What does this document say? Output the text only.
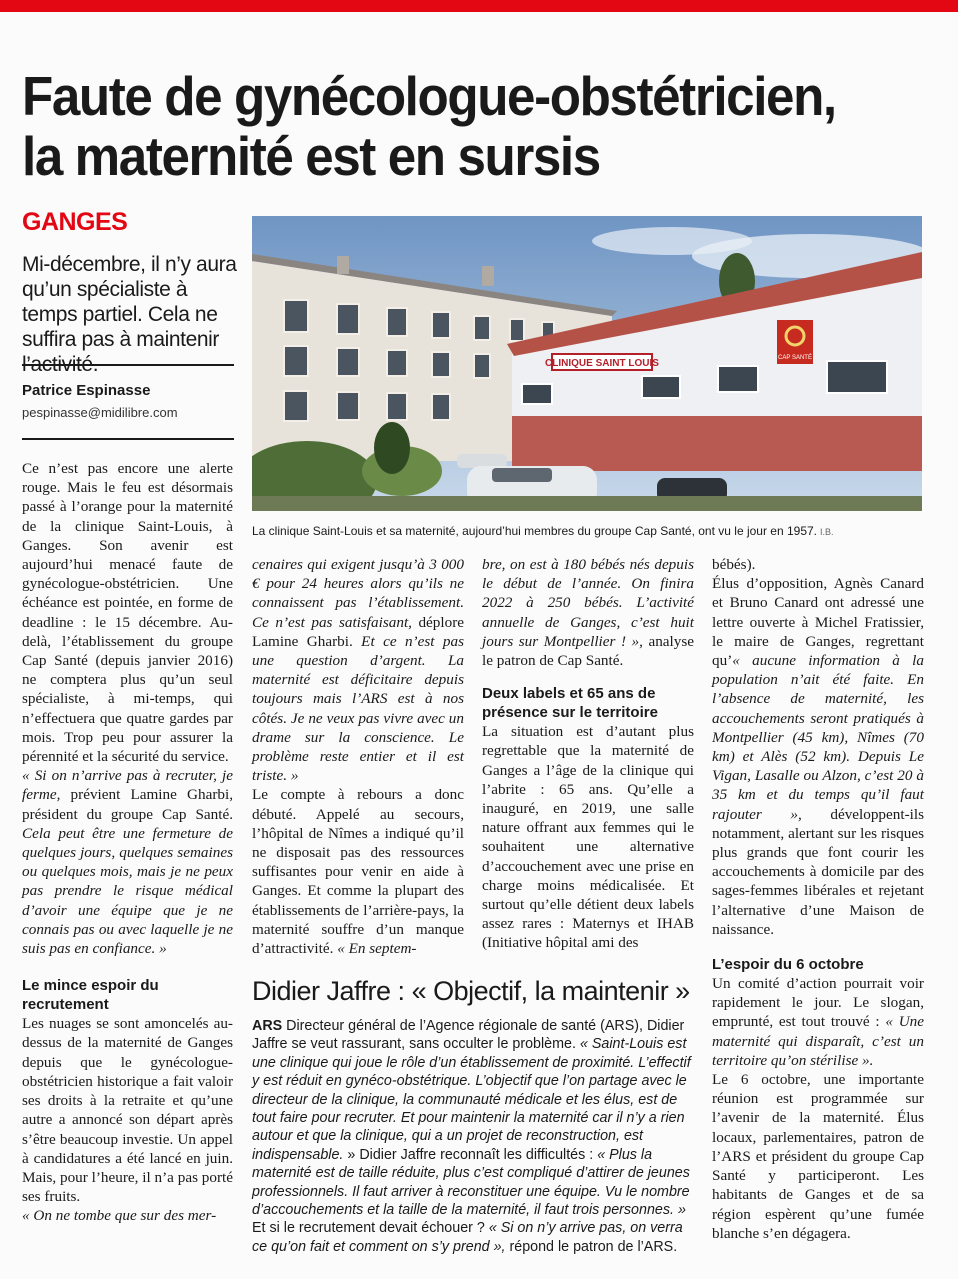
Faute de gynécologue-obstétricien,
la maternité est en sursis
GANGES
Mi-décembre, il n’y aura qu’un spécialiste à temps partiel. Cela ne suffira pas à maintenir l’activité.
Patrice Espinasse
pespinasse@midilibre.com
CLINIQUE SAINT LOUIS	CAP SANTÉ
La clinique Saint-Louis et sa maternité, aujourd’hui membres du groupe Cap Santé, ont vu le jour en 1957. I.B.

Ce n’est pas encore une alerte rouge. Mais le feu est désormais passé à l’orange pour la maternité de la clinique Saint-Louis, à Ganges. Son avenir est aujourd’hui menacé faute de gynécologue-obstétricien. Une échéance est pointée, en forme de deadline : le 15 décembre. Au-delà, l’établissement du groupe Cap Santé (depuis janvier 2016) ne comptera plus qu’un seul spécialiste, à mi-temps, qui n’effectuera que quatre gardes par mois. Trop peu pour assurer la pérennité et la sécurité du service.

« Si on n’arrive pas à recruter, je ferme, prévient Lamine Gharbi, président du groupe Cap Santé. Cela peut être une fermeture de quelques jours, quelques semaines ou quelques mois, mais je ne peux pas prendre le risque médical d’avoir une équipe que je ne connais pas ou avec laquelle je ne suis pas en confiance. »

Le mince espoir du recrutement

Les nuages se sont amoncelés au-dessus de la maternité de Ganges depuis que le gynécologue-obstétricien historique a fait valoir ses droits à la retraite et qu’une autre a annoncé son départ après s’être beaucoup investie. Un appel à candidatures a été lancé en juin. Mais, pour l’heure, il n’a pas porté ses fruits.

« On ne tombe que sur des mer-

cenaires qui exigent jusqu’à 3 000 € pour 24 heures alors qu’ils ne connaissent pas l’établissement. Ce n’est pas satisfaisant, déplore Lamine Gharbi. Et ce n’est pas une question d’argent. La maternité est déficitaire depuis toujours mais l’ARS est à nos côtés. Je ne veux pas vivre avec un drame sur la conscience. Le problème reste entier et il est triste. »

Le compte à rebours a donc débuté. Appelé au secours, l’hôpital de Nîmes a indiqué qu’il ne disposait pas des ressources suffisantes pour venir en aide à Ganges. Et comme la plupart des établissements de l’arrière-pays, la maternité souffre d’un manque d’attractivité. « En septem-

bre, on est à 180 bébés nés depuis le début de l’année. On finira 2022 à 250 bébés. L’activité annuelle de Ganges, c’est huit jours sur Montpellier ! », analyse le patron de Cap Santé.

Deux labels et 65 ans de présence sur le territoire

La situation est d’autant plus regrettable que la maternité de Ganges a l’âge de la clinique qui l’abrite : 65 ans. Qu’elle a inauguré, en 2019, une salle nature offrant aux femmes qui le souhaitent une alternative d’accouchement avec une prise en charge moins médicalisée. Et surtout qu’elle détient deux labels assez rares : Maternys et IHAB (Initiative hôpital ami des

bébés).

Élus d’opposition, Agnès Canard et Bruno Canard ont adressé une lettre ouverte à Michel Fratissier, le maire de Ganges, regrettant qu’« aucune information à la population n’ait été faite. En l’absence de maternité, les accouchements seront pratiqués à Montpellier (45 km), Nîmes (70 km) et Alès (52 km). Depuis Le Vigan, Lasalle ou Alzon, c’est 20 à 35 km et du temps qu’il faut rajouter », développent-ils notamment, alertant sur les risques plus grands que font courir les accouchements à domicile par des sages-femmes libérales et rejetant l’alternative d’une Maison de naissance.

L’espoir du 6 octobre

Un comité d’action pourrait voir rapidement le jour. Le slogan, emprunté, est tout trouvé : « Une maternité qui disparaît, c’est un territoire qu’on stérilise ».

Le 6 octobre, une importante réunion est programmée sur l’avenir de la maternité. Élus locaux, parlementaires, patron de l’ARS et président du groupe Cap Santé y participeront. Les habitants de Ganges et de sa région espèrent qu’une fumée blanche s’en dégagera.

Didier Jaffre : « Objectif, la maintenir »

ARS Directeur général de l’Agence régionale de santé (ARS), Didier Jaffre se veut rassurant, sans occulter le problème. « Saint-Louis est une clinique qui joue le rôle d’un établissement de proximité. L’effectif y est réduit en gynéco-obstétrique. L’objectif que l’on partage avec le directeur de la clinique, la communauté médicale et les élus, est de tout faire pour recruter. Et pour maintenir la maternité car il n’y a rien autour et que la clinique, qui a un projet de reconstruction, est indispensable. » Didier Jaffre reconnaît les difficultés : « Plus la maternité est de taille réduite, plus c’est compliqué d’attirer de jeunes professionnels. Il faut arriver à reconstituer une équipe. Vu le nombre d’accouchements et la taille de la maternité, il faut trois personnes. » Et si le recrutement devait échouer ? « Si on n’y arrive pas, on verra ce qu’on fait et comment on s’y prend », répond le patron de l’ARS.
